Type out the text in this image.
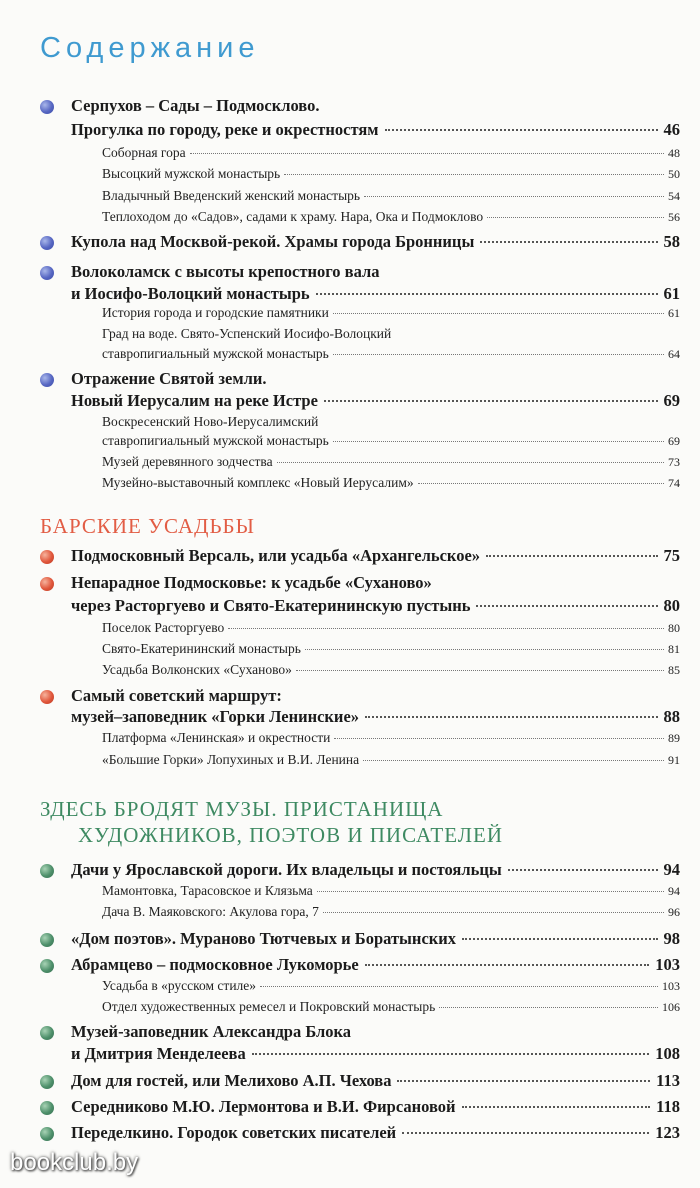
Содержание
Серпухов – Сады – Подмосклово.
Прогулка по городу, реке и окрестностям	46
Соборная гора	48
Высоцкий мужской монастырь	50
Владычный Введенский женский монастырь	54
Теплоходом до «Садов», садами к храму. Нара, Ока и Подмоклово	56
Купола над Москвой-рекой. Храмы города Бронницы	58
Волоколамск с высоты крепостного вала
и Иосифо-Волоцкий монастырь	61
История города и городские памятники	61
Град на воде. Свято-Успенский Иосифо-Волоцкий
ставропигиальный мужской монастырь	64
Отражение Святой земли.
Новый Иерусалим на реке Истре	69
Воскресенский Ново-Иерусалимский
ставропигиальный мужской монастырь	69
Музей деревянного зодчества	73
Музейно-выставочный комплекс «Новый Иерусалим»	74
БАРСКИЕ УСАДЬБЫ
Подмосковный Версаль, или усадьба «Архангельское»	75
Непарадное Подмосковье: к усадьбе «Суханово»
через Расторгуево и Свято-Екатерининскую пустынь	80
Поселок Расторгуево	80
Свято-Екатерининский монастырь	81
Усадьба Волконских «Суханово»	85
Самый советский маршрут:
музей–заповедник «Горки Ленинские»	88
Платформа «Ленинская» и окрестности	89
«Большие Горки» Лопухиных и В.И. Ленина	91
ЗДЕСЬ БРОДЯТ МУЗЫ. ПРИСТАНИЩА
ХУДОЖНИКОВ, ПОЭТОВ И ПИСАТЕЛЕЙ
Дачи у Ярославской дороги. Их владельцы и постояльцы	94
Мамонтовка, Тарасовское и Клязьма	94
Дача В. Маяковского: Акулова гора, 7	96
«Дом поэтов». Мураново Тютчевых и Боратынских	98
Абрамцево – подмосковное Лукоморье	103
Усадьба в «русском стиле»	103
Отдел художественных ремесел и Покровский монастырь	106
Музей-заповедник Александра Блока
и Дмитрия Менделеева	108
Дом для гостей, или Мелихово А.П. Чехова	113
Середниково М.Ю. Лермонтова и В.И. Фирсановой	118
Переделкино. Городок советских писателей	123
bookclub.by
